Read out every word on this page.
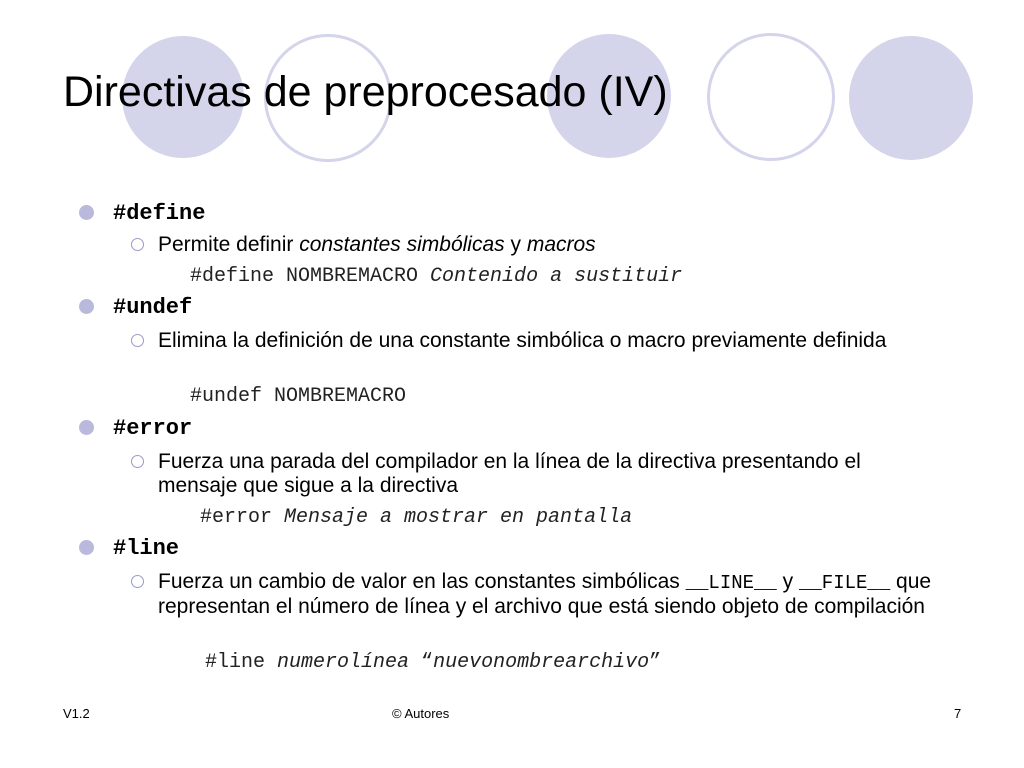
Directivas de preprocesado (IV)
#define
Permite definir constantes simbólicas y macros
#define NOMBREMACRO Contenido a sustituir
#undef
Elimina la definición de una constante simbólica o macro previamente definida
#undef NOMBREMACRO
#error
Fuerza una parada del compilador en la línea de la directiva presentando el mensaje que sigue a la directiva
#error Mensaje a mostrar en pantalla
#line
Fuerza un cambio de valor en las constantes simbólicas __LINE__ y __FILE__ que representan el número de línea y el archivo que está siendo objeto de compilación
#line numerolínea “nuevonombrearchivo”
V1.2	© Autores	7
